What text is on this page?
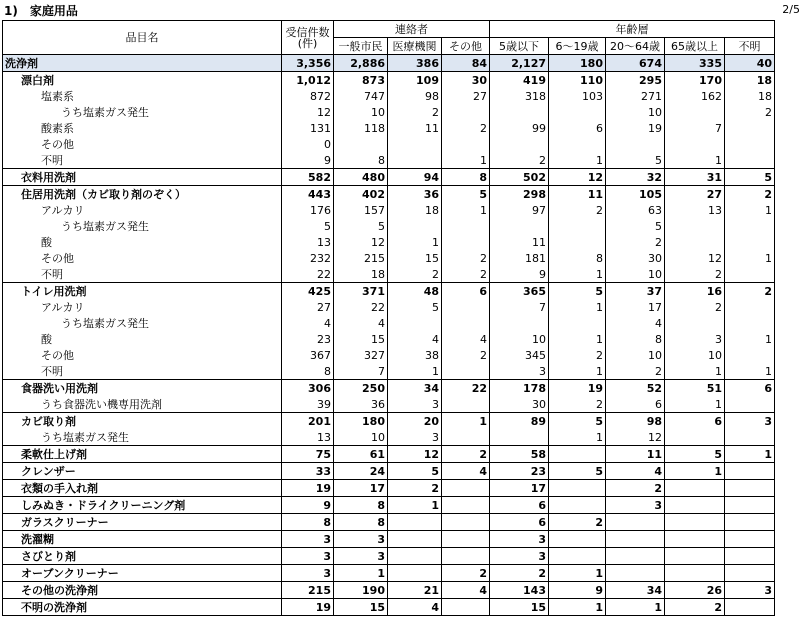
1)　家庭用品	2/5
品目名	受信件数
(件)	連絡者			年齢層				
		一般市民	医療機関	その他	5歳以下	6～19歳	20～64歳	65歳以上	不明
洗浄剤	3,356	2,886	386	84	2,127	180	674	335	40
漂白剤	1,012	873	109	30	419	110	295	170	18
塩素系	872	747	98	27	318	103	271	162	18
うち塩素ガス発生	12	10	2				10		2
酸素系	131	118	11	2	99	6	19	7	
その他	0								
不明	9	8		1	2	1	5	1	
衣料用洗剤	582	480	94	8	502	12	32	31	5
住居用洗剤（カビ取り剤のぞく）	443	402	36	5	298	11	105	27	2
アルカリ	176	157	18	1	97	2	63	13	1
うち塩素ガス発生	5	5					5		
酸	13	12	1		11		2		
その他	232	215	15	2	181	8	30	12	1
不明	22	18	2	2	9	1	10	2	
トイレ用洗剤	425	371	48	6	365	5	37	16	2
アルカリ	27	22	5		7	1	17	2	
うち塩素ガス発生	4	4					4		
酸	23	15	4	4	10	1	8	3	1
その他	367	327	38	2	345	2	10	10	
不明	8	7	1		3	1	2	1	1
食器洗い用洗剤	306	250	34	22	178	19	52	51	6
うち食器洗い機専用洗剤	39	36	3		30	2	6	1	
カビ取り剤	201	180	20	1	89	5	98	6	3
うち塩素ガス発生	13	10	3			1	12		
柔軟仕上げ剤	75	61	12	2	58		11	5	1
クレンザー	33	24	5	4	23	5	4	1	
衣類の手入れ剤	19	17	2		17		2		
しみぬき・ドライクリーニング剤	9	8	1		6		3		
ガラスクリーナー	8	8			6	2			
洗濯糊	3	3			3				
さびとり剤	3	3			3				
オーブンクリーナー	3	1		2	2	1			
その他の洗浄剤	215	190	21	4	143	9	34	26	3
不明の洗浄剤	19	15	4		15	1	1	2	
